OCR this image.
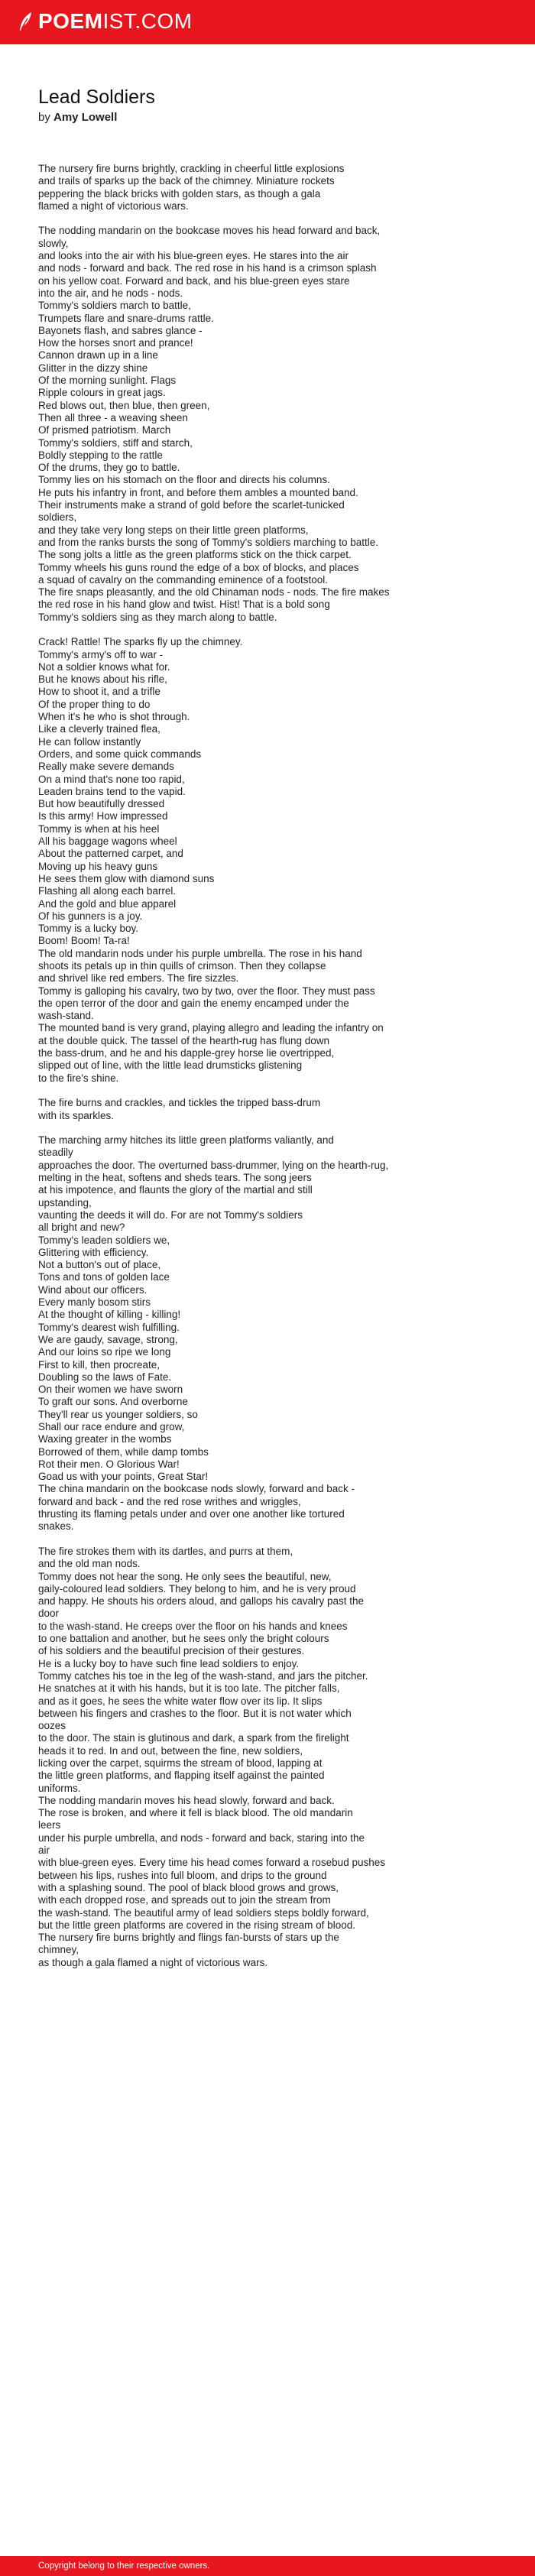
POEMIST.COM
Lead Soldiers
by Amy Lowell

The nursery fire burns brightly, crackling in cheerful little explosions
and trails of sparks up the back of the chimney. Miniature rockets
peppering the black bricks with golden stars, as though a gala
flamed a night of victorious wars.

The nodding mandarin on the bookcase moves his head forward and back,
slowly,
and looks into the air with his blue-green eyes. He stares into the air
and nods - forward and back. The red rose in his hand is a crimson splash
on his yellow coat. Forward and back, and his blue-green eyes stare
into the air, and he nods - nods.
Tommy's soldiers march to battle,
Trumpets flare and snare-drums rattle.
Bayonets flash, and sabres glance -
How the horses snort and prance!
Cannon drawn up in a line
Glitter in the dizzy shine
Of the morning sunlight. Flags
Ripple colours in great jags.
Red blows out, then blue, then green,
Then all three - a weaving sheen
Of prismed patriotism. March
Tommy's soldiers, stiff and starch,
Boldly stepping to the rattle
Of the drums, they go to battle.
Tommy lies on his stomach on the floor and directs his columns.
He puts his infantry in front, and before them ambles a mounted band.
Their instruments make a strand of gold before the scarlet-tunicked
soldiers,
and they take very long steps on their little green platforms,
and from the ranks bursts the song of Tommy's soldiers marching to battle.
The song jolts a little as the green platforms stick on the thick carpet.
Tommy wheels his guns round the edge of a box of blocks, and places
a squad of cavalry on the commanding eminence of a footstool.
The fire snaps pleasantly, and the old Chinaman nods - nods. The fire makes
the red rose in his hand glow and twist. Hist! That is a bold song
Tommy's soldiers sing as they march along to battle.

Crack! Rattle! The sparks fly up the chimney.
Tommy's army's off to war -
Not a soldier knows what for.
But he knows about his rifle,
How to shoot it, and a trifle
Of the proper thing to do
When it's he who is shot through.
Like a cleverly trained flea,
He can follow instantly
Orders, and some quick commands
Really make severe demands
On a mind that's none too rapid,
Leaden brains tend to the vapid.
But how beautifully dressed
Is this army! How impressed
Tommy is when at his heel
All his baggage wagons wheel
About the patterned carpet, and
Moving up his heavy guns
He sees them glow with diamond suns
Flashing all along each barrel.
And the gold and blue apparel
Of his gunners is a joy.
Tommy is a lucky boy.
Boom! Boom! Ta-ra!
The old mandarin nods under his purple umbrella. The rose in his hand
shoots its petals up in thin quills of crimson. Then they collapse
and shrivel like red embers. The fire sizzles.
Tommy is galloping his cavalry, two by two, over the floor. They must pass
the open terror of the door and gain the enemy encamped under the
wash-stand.
The mounted band is very grand, playing allegro and leading the infantry on
at the double quick. The tassel of the hearth-rug has flung down
the bass-drum, and he and his dapple-grey horse lie overtripped,
slipped out of line, with the little lead drumsticks glistening
to the fire's shine.

The fire burns and crackles, and tickles the tripped bass-drum
with its sparkles.

The marching army hitches its little green platforms valiantly, and
steadily
approaches the door. The overturned bass-drummer, lying on the hearth-rug,
melting in the heat, softens and sheds tears. The song jeers
at his impotence, and flaunts the glory of the martial and still
upstanding,
vaunting the deeds it will do. For are not Tommy's soldiers
all bright and new?
Tommy's leaden soldiers we,
Glittering with efficiency.
Not a button's out of place,
Tons and tons of golden lace
Wind about our officers.
Every manly bosom stirs
At the thought of killing - killing!
Tommy's dearest wish fulfilling.
We are gaudy, savage, strong,
And our loins so ripe we long
First to kill, then procreate,
Doubling so the laws of Fate.
On their women we have sworn
To graft our sons. And overborne
They'll rear us younger soldiers, so
Shall our race endure and grow,
Waxing greater in the wombs
Borrowed of them, while damp tombs
Rot their men. O Glorious War!
Goad us with your points, Great Star!
The china mandarin on the bookcase nods slowly, forward and back -
forward and back - and the red rose writhes and wriggles,
thrusting its flaming petals under and over one another like tortured
snakes.

The fire strokes them with its dartles, and purrs at them,
and the old man nods.
Tommy does not hear the song. He only sees the beautiful, new,
gaily-coloured lead soldiers. They belong to him, and he is very proud
and happy. He shouts his orders aloud, and gallops his cavalry past the
door
to the wash-stand. He creeps over the floor on his hands and knees
to one battalion and another, but he sees only the bright colours
of his soldiers and the beautiful precision of their gestures.
He is a lucky boy to have such fine lead soldiers to enjoy.
Tommy catches his toe in the leg of the wash-stand, and jars the pitcher.
He snatches at it with his hands, but it is too late. The pitcher falls,
and as it goes, he sees the white water flow over its lip. It slips
between his fingers and crashes to the floor. But it is not water which
oozes
to the door. The stain is glutinous and dark, a spark from the firelight
heads it to red. In and out, between the fine, new soldiers,
licking over the carpet, squirms the stream of blood, lapping at
the little green platforms, and flapping itself against the painted
uniforms.
The nodding mandarin moves his head slowly, forward and back.
The rose is broken, and where it fell is black blood. The old mandarin
leers
under his purple umbrella, and nods - forward and back, staring into the
air
with blue-green eyes. Every time his head comes forward a rosebud pushes
between his lips, rushes into full bloom, and drips to the ground
with a splashing sound. The pool of black blood grows and grows,
with each dropped rose, and spreads out to join the stream from
the wash-stand. The beautiful army of lead soldiers steps boldly forward,
but the little green platforms are covered in the rising stream of blood.
The nursery fire burns brightly and flings fan-bursts of stars up the
chimney,
as though a gala flamed a night of victorious wars.

Copyright belong to their respective owners.
